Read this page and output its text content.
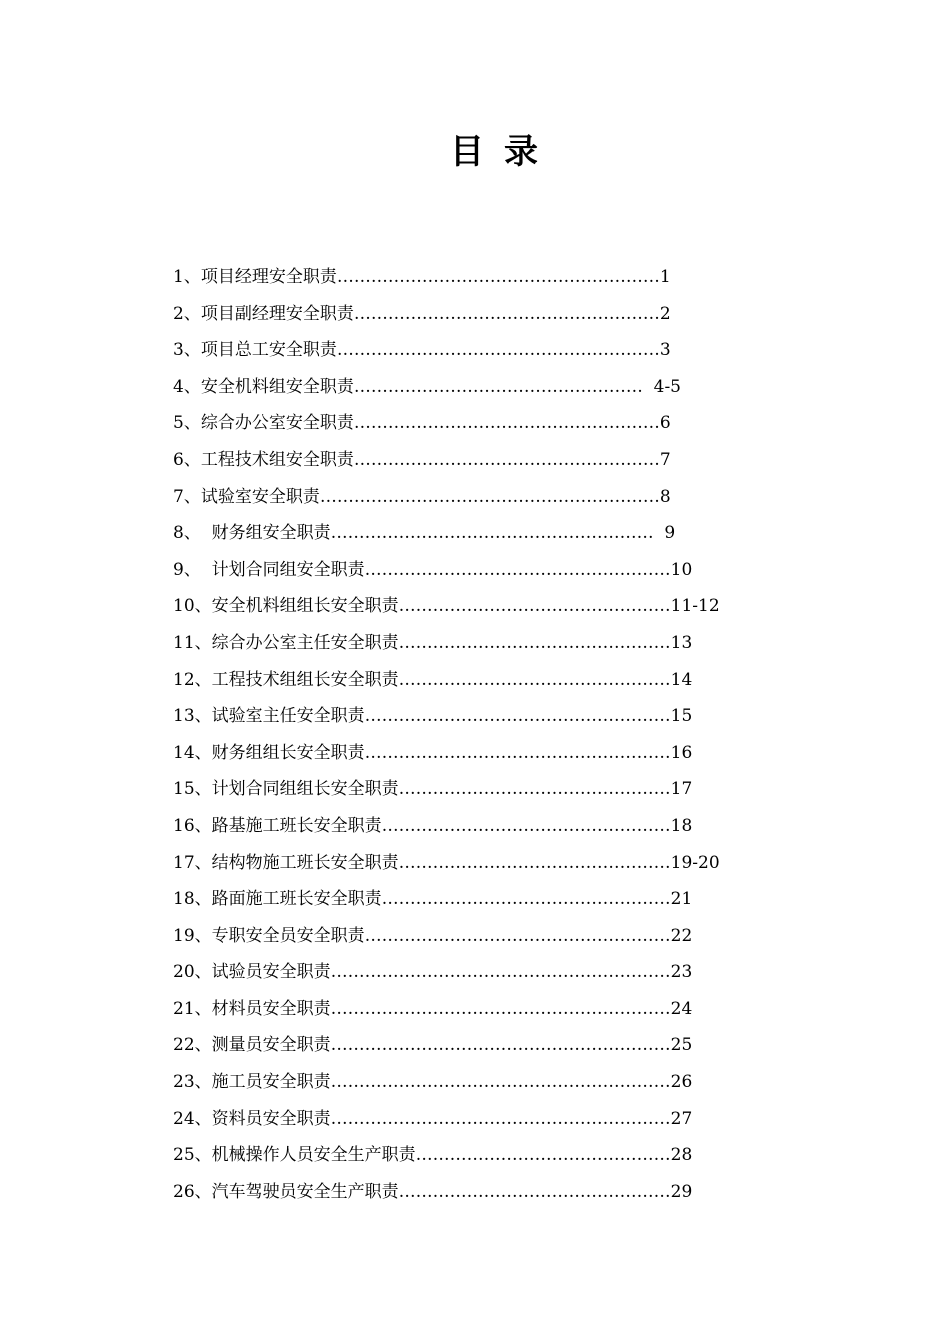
目录
1、项目经理安全职责…………………………………………………1
2、项目副经理安全职责………………………………………………2
3、项目总工安全职责…………………………………………………3
4、安全机料组安全职责……………………………………………  4-5
5、综合办公室安全职责………………………………………………6
6、工程技术组安全职责………………………………………………7
7、试验室安全职责……………………………………………………8
8、  财务组安全职责…………………………………………………  9
9、  计划合同组安全职责………………………………………………10
10、安全机料组组长安全职责…………………………………………11-12
11、综合办公室主任安全职责…………………………………………13
12、工程技术组组长安全职责…………………………………………14
13、试验室主任安全职责………………………………………………15
14、财务组组长安全职责………………………………………………16
15、计划合同组组长安全职责…………………………………………17
16、路基施工班长安全职责……………………………………………18
17、结构物施工班长安全职责…………………………………………19-20
18、路面施工班长安全职责……………………………………………21
19、专职安全员安全职责………………………………………………22
20、试验员安全职责……………………………………………………23
21、材料员安全职责……………………………………………………24
22、测量员安全职责……………………………………………………25
23、施工员安全职责……………………………………………………26
24、资料员安全职责……………………………………………………27
25、机械操作人员安全生产职责………………………………………28
26、汽车驾驶员安全生产职责…………………………………………29
